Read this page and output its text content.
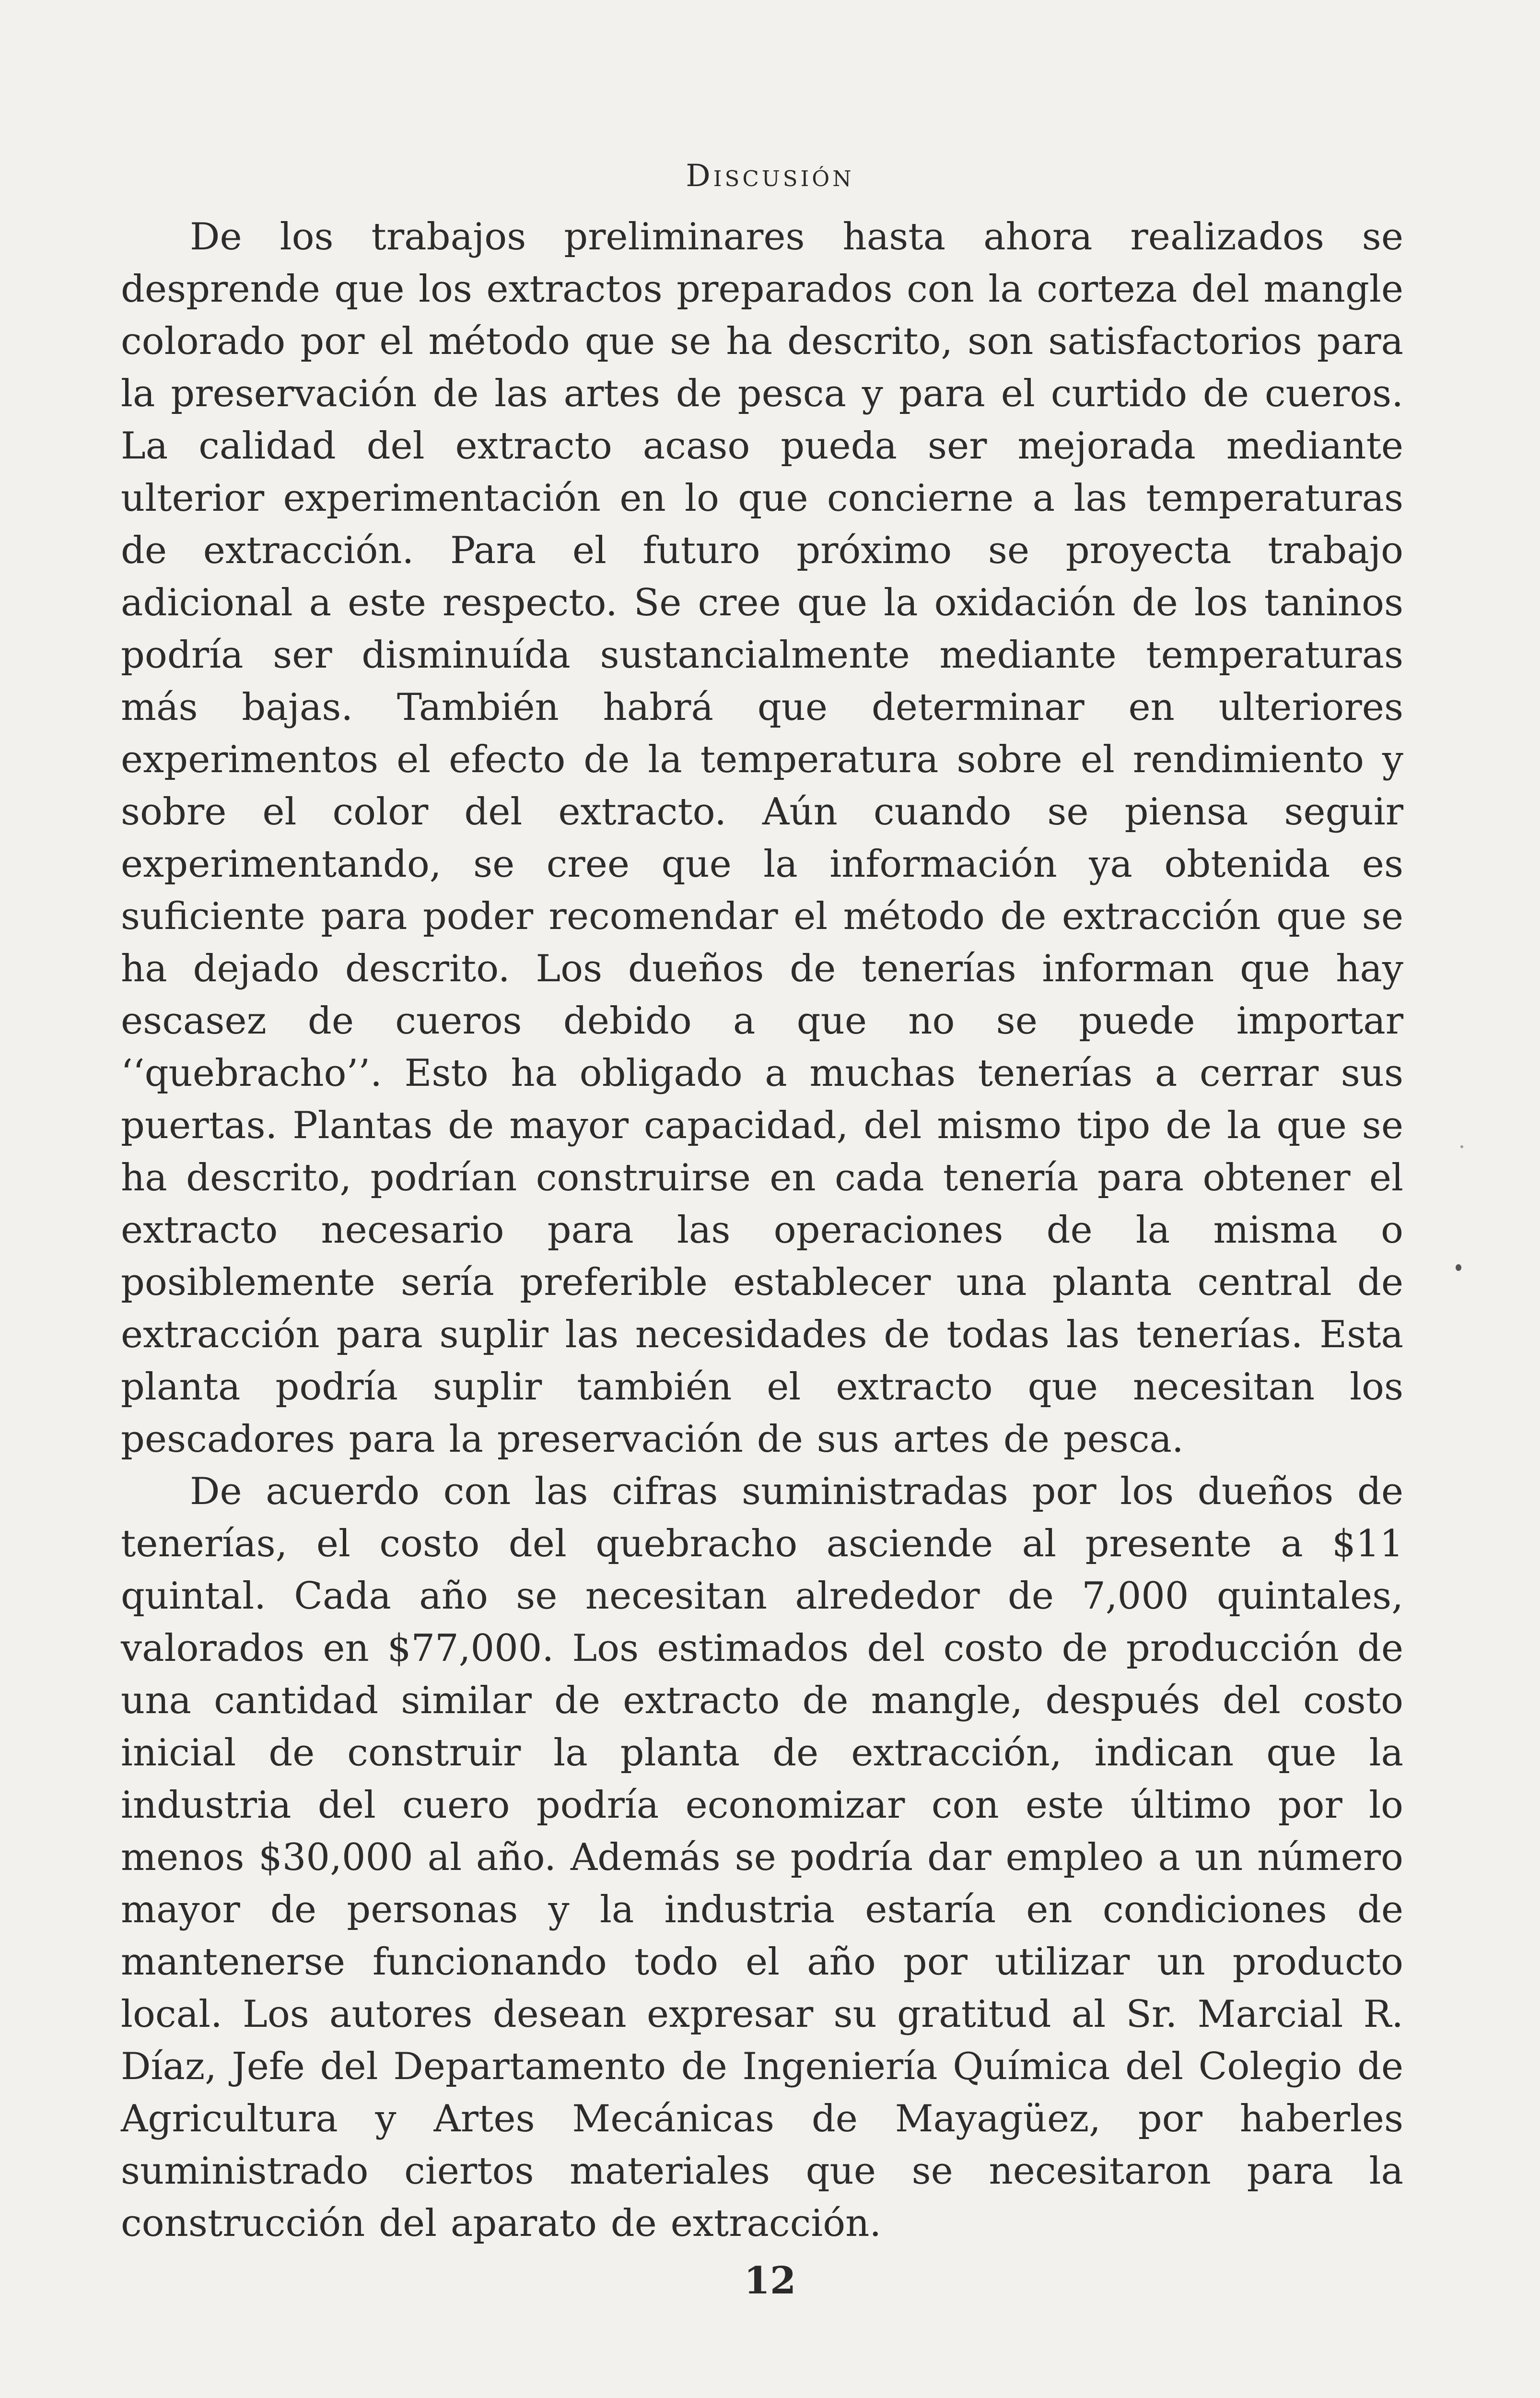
Discusión

De los trabajos preliminares hasta ahora realizados se desprende que los extractos preparados con la corteza del mangle colorado por el método que se ha descrito, son satisfactorios para la preservación de las artes de pesca y para el curtido de cueros. La calidad del extracto acaso pueda ser mejorada mediante ulterior experimentación en lo que concierne a las temperaturas de extracción. Para el futuro próximo se proyecta trabajo adicional a este respecto. Se cree que la oxidación de los taninos podría ser disminuída sustancialmente mediante temperaturas más bajas. También habrá que determinar en ulteriores experimentos el efecto de la temperatura sobre el rendimiento y sobre el color del extracto. Aún cuando se piensa seguir experimentando, se cree que la información ya obtenida es suficiente para poder recomendar el método de extracción que se ha dejado descrito. Los dueños de tenerías informan que hay escasez de cueros debido a que no se puede importar ‘‘quebracho’’. Esto ha obligado a muchas tenerías a cerrar sus puertas. Plantas de mayor capacidad, del mismo tipo de la que se ha descrito, podrían construirse en cada tenería para obtener el extracto necesario para las operaciones de la misma o posiblemente sería preferible establecer una planta central de extracción para suplir las necesidades de todas las tenerías. Esta planta podría suplir también el extracto que necesitan los pescadores para la preservación de sus artes de pesca.

De acuerdo con las cifras suministradas por los dueños de tenerías, el costo del quebracho asciende al presente a $11 quintal. Cada año se necesitan alrededor de 7,000 quintales, valorados en $77,000. Los estimados del costo de producción de una cantidad similar de extracto de mangle, después del costo inicial de construir la planta de extracción, indican que la industria del cuero podría economizar con este último por lo menos $30,000 al año. Además se podría dar empleo a un número mayor de personas y la industria estaría en condiciones de mantenerse funcionando todo el año por utilizar un producto local. Los autores desean expresar su gratitud al Sr. Marcial R. Díaz, Jefe del Departamento de Ingeniería Química del Colegio de Agricultura y Artes Mecánicas de Mayagüez, por haberles suministrado ciertos materiales que se necesitaron para la construcción del aparato de extracción.

12
